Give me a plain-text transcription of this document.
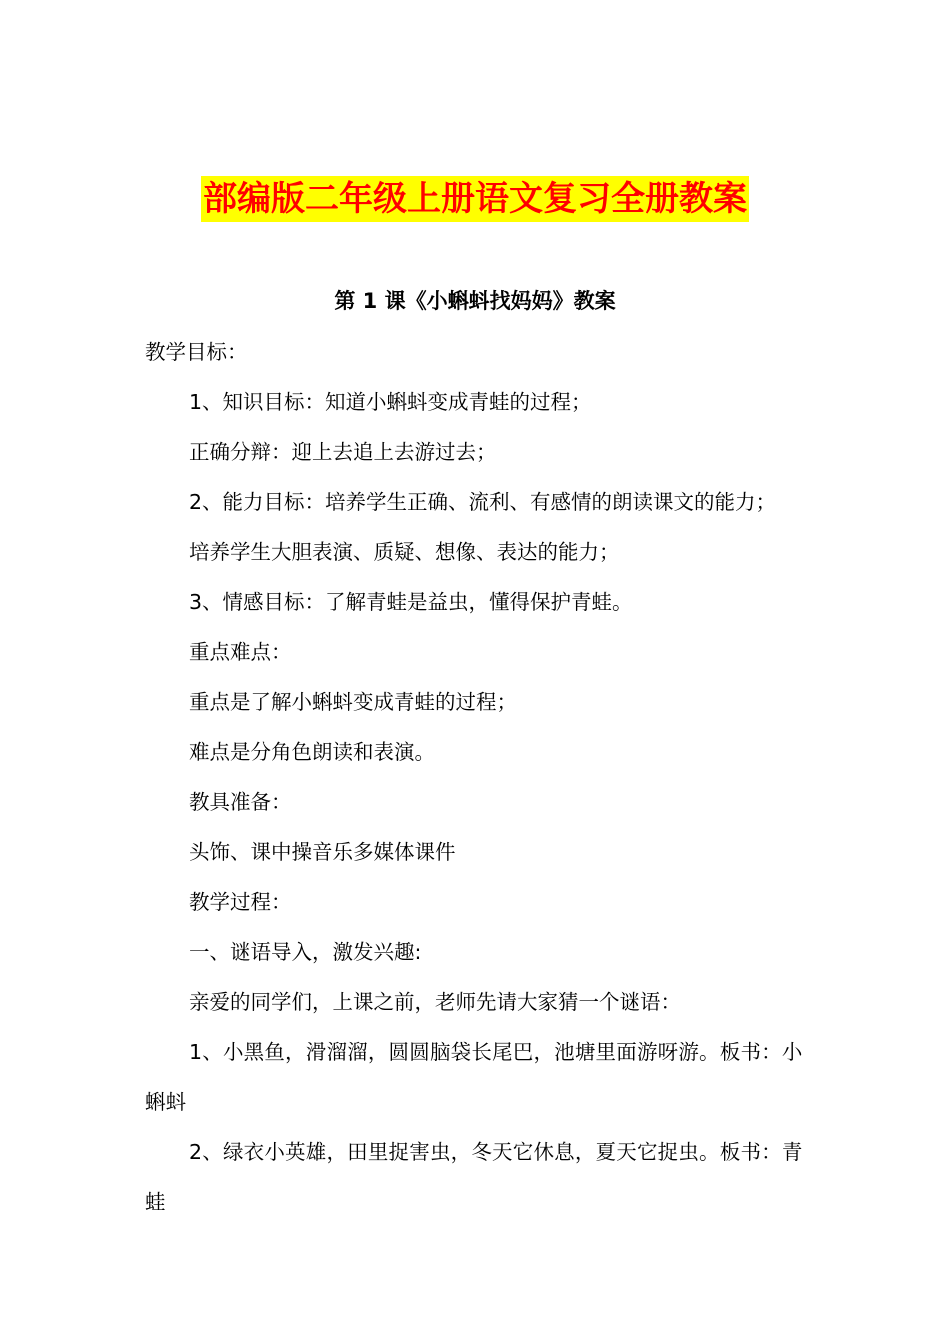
部编版二年级上册语文复习全册教案
第 1 课《小蝌蚪找妈妈》教案
教学目标：
1、知识目标：知道小蝌蚪变成青蛙的过程；
正确分辩：迎上去追上去游过去；
2、能力目标：培养学生正确、流利、有感情的朗读课文的能力；
培养学生大胆表演、质疑、想像、表达的能力；
3、情感目标：了解青蛙是益虫，懂得保护青蛙。
重点难点：
重点是了解小蝌蚪变成青蛙的过程；
难点是分角色朗读和表演。
教具准备：
头饰、课中操音乐多媒体课件
教学过程：
一、谜语导入，激发兴趣:
亲爱的同学们，上课之前，老师先请大家猜一个谜语：
1、小黑鱼，滑溜溜，圆圆脑袋长尾巴，池塘里面游呀游。板书：小蝌蚪
2、绿衣小英雄，田里捉害虫，冬天它休息，夏天它捉虫。板书：青蛙
